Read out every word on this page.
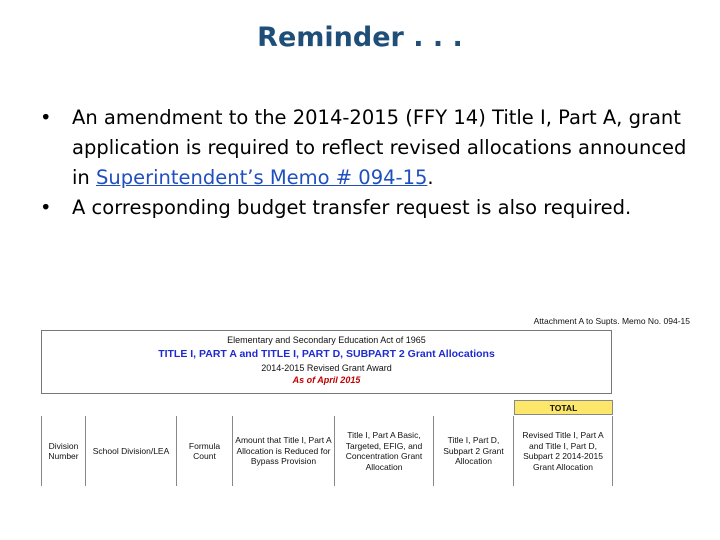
Reminder . . .
• An amendment to the 2014-2015 (FFY 14) Title I, Part A, grant application is required to reflect revised allocations announced in Superintendent’s Memo # 094-15.
• A corresponding budget transfer request is also required.
Attachment A to Supts. Memo No. 094-15
Elementary and Secondary Education Act of 1965
TITLE I, PART A and TITLE I, PART D, SUBPART 2 Grant Allocations
2014-2015 Revised Grant Award
As of April 2015
TOTAL
Division Number
School Division/LEA
Formula Count
Amount that Title I, Part A Allocation is Reduced for Bypass Provision
Title I, Part A Basic, Targeted, EFIG, and Concentration Grant Allocation
Title I, Part D, Subpart 2 Grant Allocation
Revised Title I, Part A and Title I, Part D, Subpart 2 2014-2015 Grant Allocation
